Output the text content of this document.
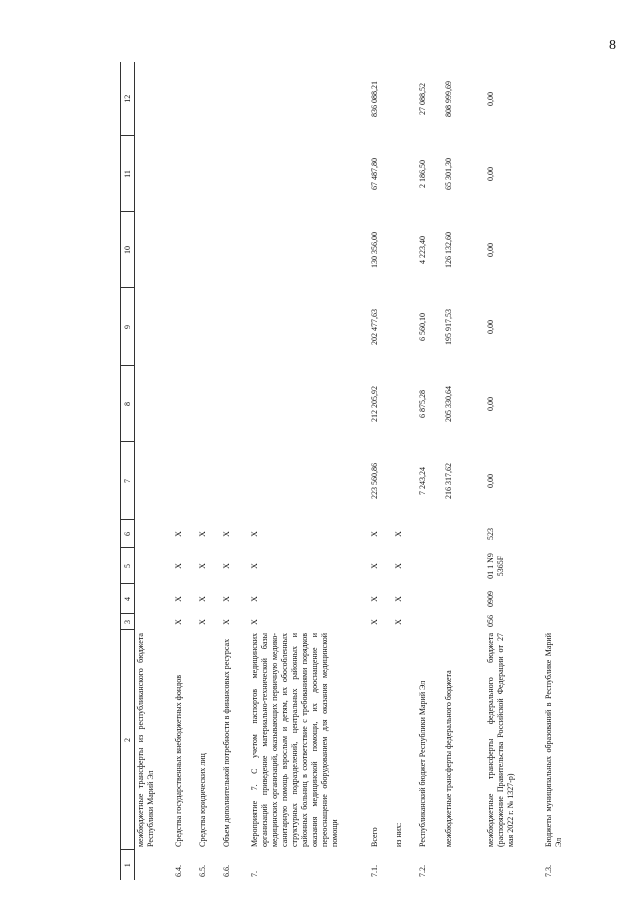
8
1	2	3	4	5	6	7	8	9	10	11	12
	межбюджетные трансферты из республиканского бюджета Республики Марий Эл										
6.4.	Средства государственных внебюджетных фондов	Х	Х	Х	Х						
6.5.	Средства юридических лиц	Х	Х	Х	Х						
6.6.	Объем дополнительной потребности в финансовых ресурсах	Х	Х	Х	Х						
7.	Мероприятие 7. С учетом паспортов медицинских организаций приведение материально-технической базы медицинских организаций, оказывающих первичную медико-санитарную помощь взрослым и детям, их обособленных структурных подразделений, центральных районных и районных больниц в соответствие с требованиями порядков оказания медицинской помощи, их дооснащение и переоснащение оборудованием для оказания медицинской помощи	Х	Х	Х	Х						
7.1.	Всего	Х	Х	Х	Х	223 560,86	212 205,92	202 477,63	130 356,00	67 487,80	836 088,21
	из них:	Х	Х	Х	Х						
7.2.	Республиканский бюджет Республики Марий Эл					7 243,24	6 875,28	6 560,10	4 223,40	2 186,50	27 088,52
	межбюджетные трансферты федерального бюджета					216 317,62	205 330,64	195 917,53	126 132,60	65 301,30	808 999,69
	межбюджетные трансферты федерального бюджета (распоряжение Правительства Российской Федерации от 27 мая 2022 г. № 1327-р)	056	0909	01 1 N9 5365F	523	0,00	0,00	0,00	0,00	0,00	0,00
7.3.	Бюджеты муниципальных образований в Республике Марий Эл										
